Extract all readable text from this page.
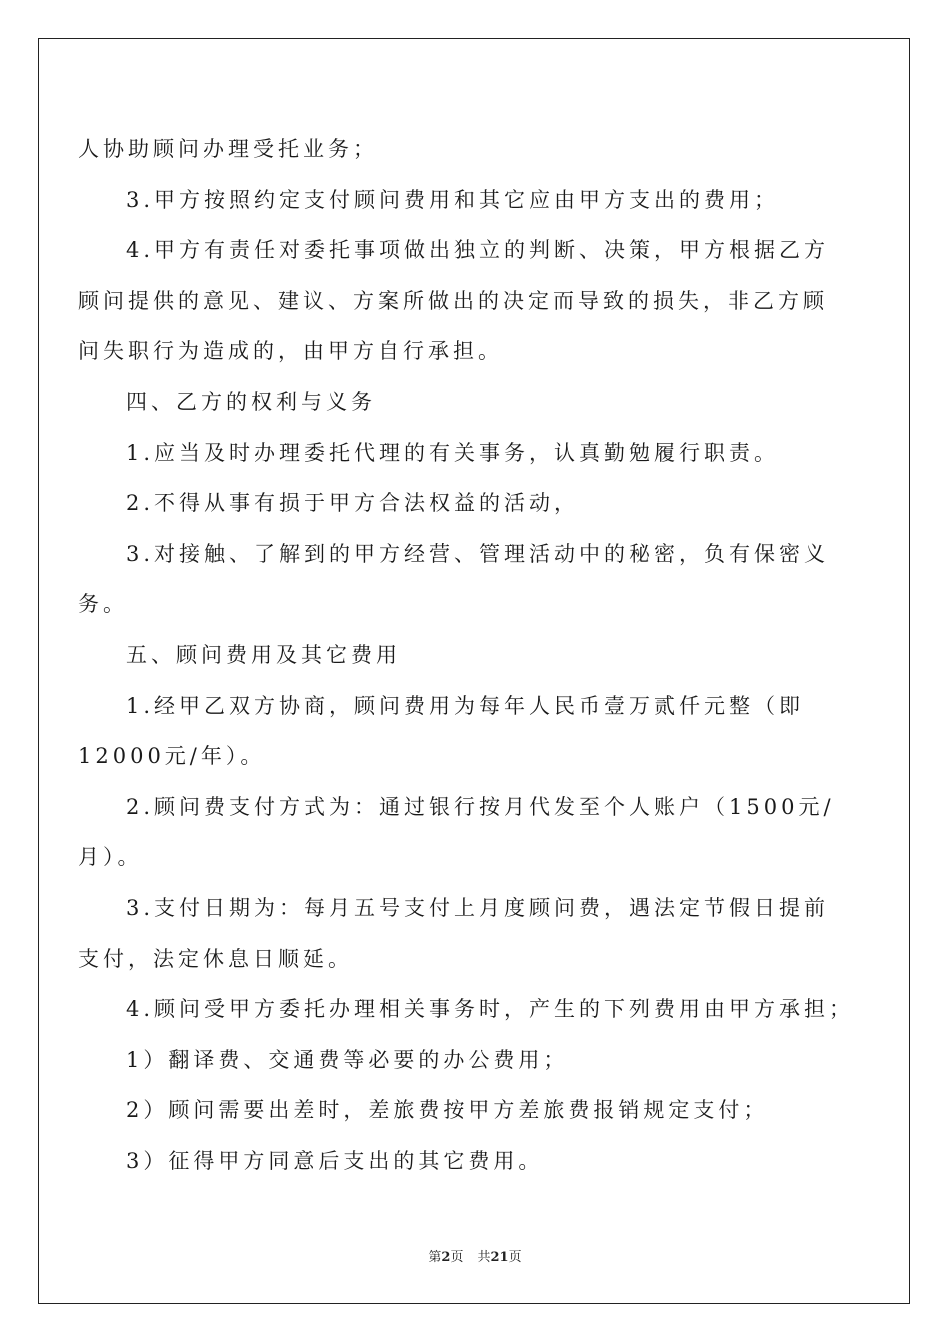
人协助顾问办理受托业务；
3.甲方按照约定支付顾问费用和其它应由甲方支出的费用；
4.甲方有责任对委托事项做出独立的判断、决策，甲方根据乙方
顾问提供的意见、建议、方案所做出的决定而导致的损失，非乙方顾
问失职行为造成的，由甲方自行承担。
四、乙方的权利与义务
1.应当及时办理委托代理的有关事务，认真勤勉履行职责。
2.不得从事有损于甲方合法权益的活动，
3.对接触、了解到的甲方经营、管理活动中的秘密，负有保密义
务。
五、顾问费用及其它费用
1.经甲乙双方协商，顾问费用为每年人民币壹万贰仟元整（即
12000元/年）。
2.顾问费支付方式为：通过银行按月代发至个人账户（1500元/
月）。
3.支付日期为：每月五号支付上月度顾问费，遇法定节假日提前
支付，法定休息日顺延。
4.顾问受甲方委托办理相关事务时，产生的下列费用由甲方承担；
1）翻译费、交通费等必要的办公费用；
2）顾问需要出差时，差旅费按甲方差旅费报销规定支付；
3）征得甲方同意后支出的其它费用。
第2页 共21页
